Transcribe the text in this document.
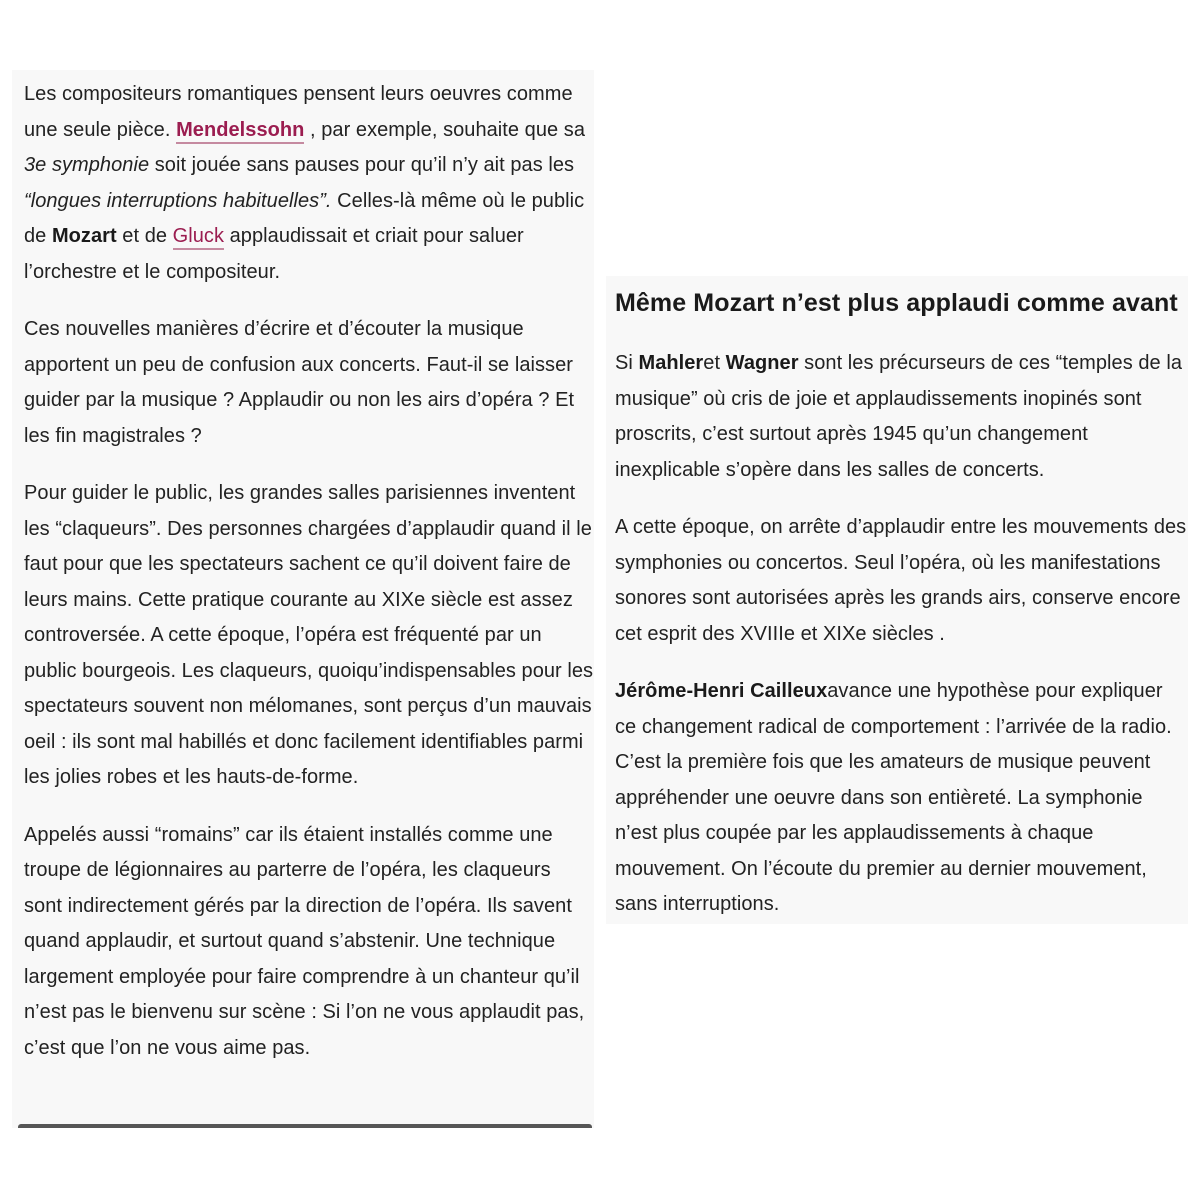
Les compositeurs romantiques pensent leurs oeuvres comme une seule pièce. Mendelssohn , par exemple, souhaite que sa 3e symphonie soit jouée sans pauses pour qu’il n’y ait pas les “longues interruptions habituelles”. Celles-là même où le public de Mozart et de Gluck applaudissait et criait pour saluer l’orchestre et le compositeur.

Ces nouvelles manières d’écrire et d’écouter la musique apportent un peu de confusion aux concerts. Faut-il se laisser guider par la musique ? Applaudir ou non les airs d’opéra ? Et les fin magistrales ?

Pour guider le public, les grandes salles parisiennes inventent les “claqueurs”. Des personnes chargées d’applaudir quand il le faut pour que les spectateurs sachent ce qu’il doivent faire de leurs mains. Cette pratique courante au XIXe siècle est assez controversée. A cette époque, l’opéra est fréquenté par un public bourgeois. Les claqueurs, quoiqu’indispensables pour les spectateurs souvent non mélomanes, sont perçus d’un mauvais oeil : ils sont mal habillés et donc facilement identifiables parmi les jolies robes et les hauts-de-forme.

Appelés aussi “romains” car ils étaient installés comme une troupe de légionnaires au parterre de l’opéra, les claqueurs sont indirectement gérés par la direction de l’opéra. Ils savent quand applaudir, et surtout quand s’abstenir. Une technique largement employée pour faire comprendre à un chanteur qu’il n’est pas le bienvenu sur scène : Si l’on ne vous applaudit pas, c’est que l’on ne vous aime pas.

Même Mozart n’est plus applaudi comme avant

Si Mahleret Wagner sont les précurseurs de ces “temples de la musique” où cris de joie et applaudissements inopinés sont proscrits, c’est surtout après 1945 qu’un changement inexplicable s’opère dans les salles de concerts.

A cette époque, on arrête d’applaudir entre les mouvements des symphonies ou concertos. Seul l’opéra, où les manifestations sonores sont autorisées après les grands airs, conserve encore cet esprit des XVIIIe et XIXe siècles .

Jérôme-Henri Cailleuxavance une hypothèse pour expliquer ce changement radical de comportement : l’arrivée de la radio. C’est la première fois que les amateurs de musique peuvent appréhender une oeuvre dans son entièreté. La symphonie n’est plus coupée par les applaudissements à chaque mouvement. On l’écoute du premier au dernier mouvement, sans interruptions.
